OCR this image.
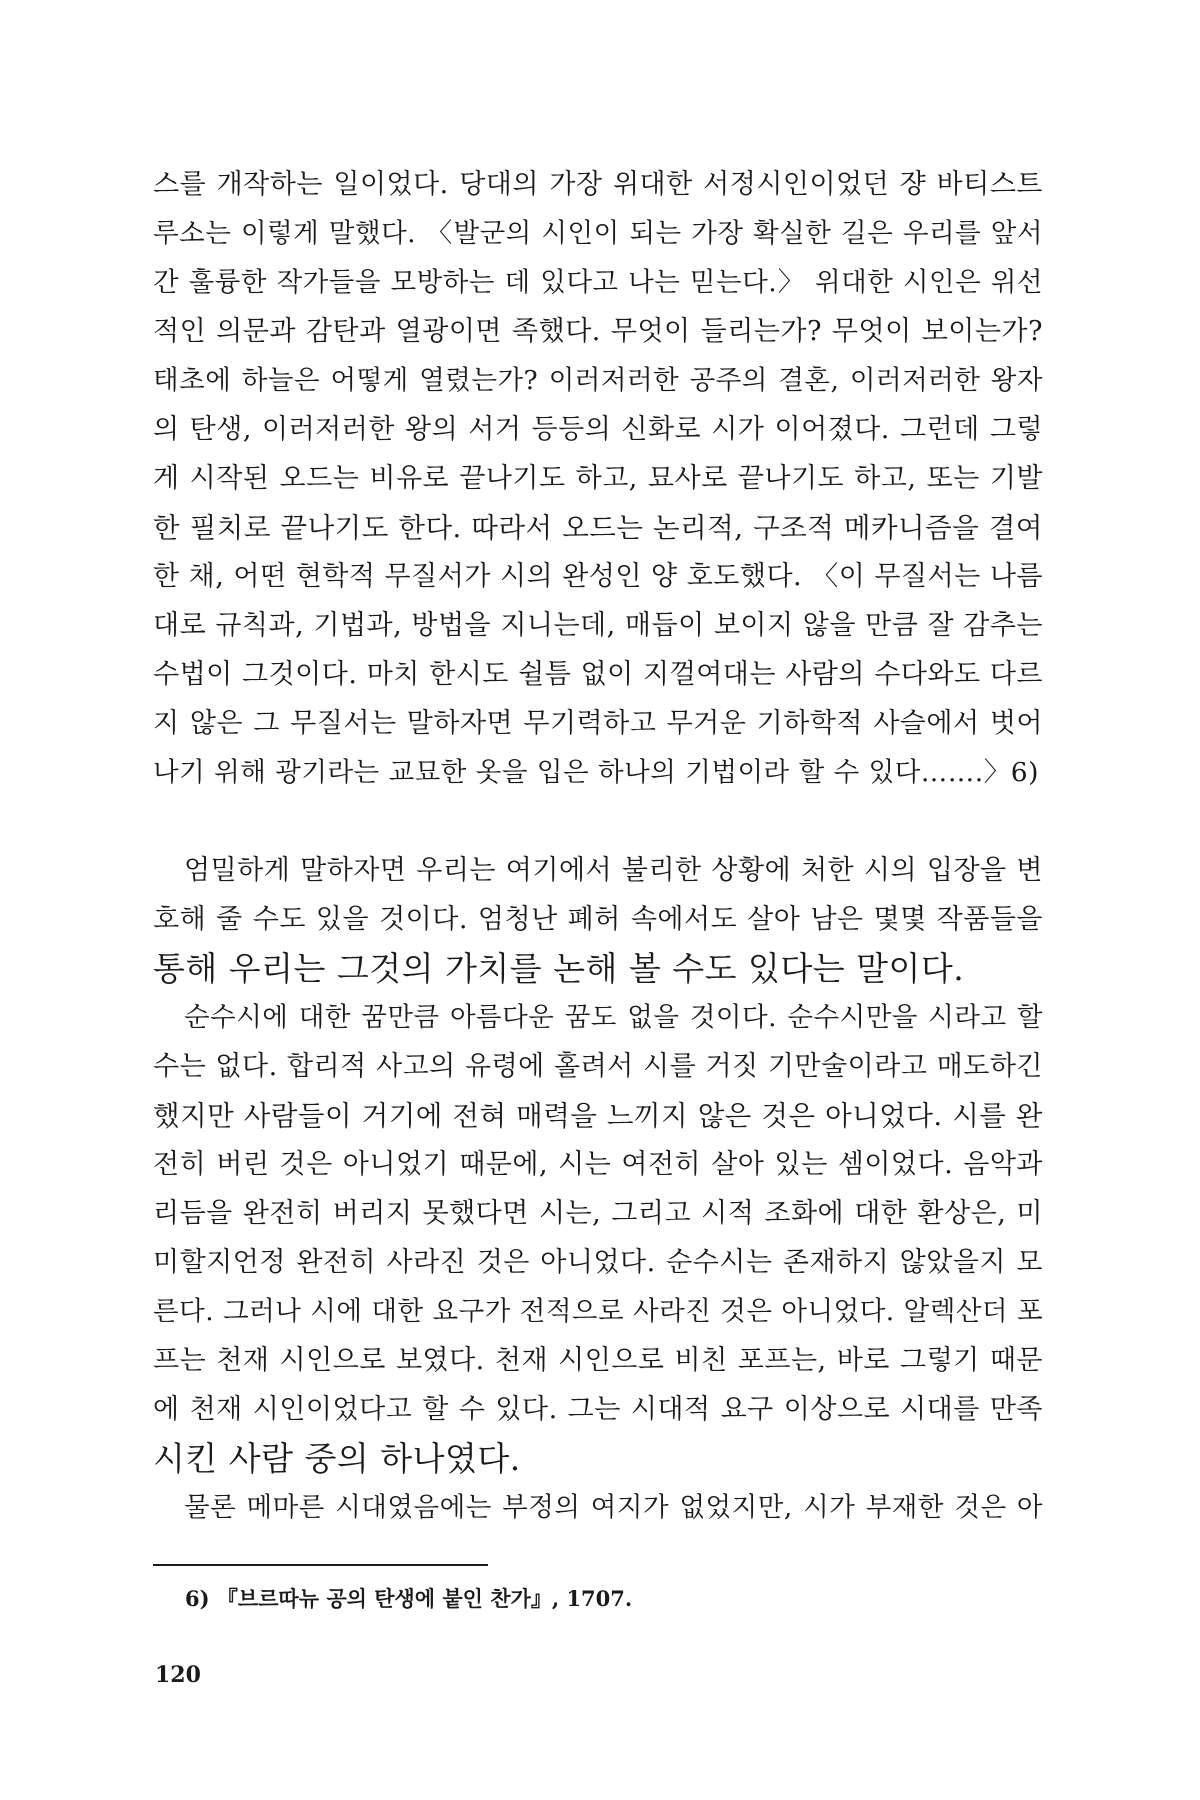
스를 개작하는 일이었다. 당대의 가장 위대한 서정시인이었던 쟝 바티스트
루소는 이렇게 말했다. 〈발군의 시인이 되는 가장 확실한 길은 우리를 앞서
간 훌륭한 작가들을 모방하는 데 있다고 나는 믿는다.〉 위대한 시인은 위선
적인 의문과 감탄과 열광이면 족했다. 무엇이 들리는가? 무엇이 보이는가?
태초에 하늘은 어떻게 열렸는가? 이러저러한 공주의 결혼, 이러저러한 왕자
의 탄생, 이러저러한 왕의 서거 등등의 신화로 시가 이어졌다. 그런데 그렇
게 시작된 오드는 비유로 끝나기도 하고, 묘사로 끝나기도 하고, 또는 기발
한 필치로 끝나기도 한다. 따라서 오드는 논리적, 구조적 메카니즘을 결여
한 채, 어떤 현학적 무질서가 시의 완성인 양 호도했다. 〈이 무질서는 나름
대로 규칙과, 기법과, 방법을 지니는데, 매듭이 보이지 않을 만큼 잘 감추는
수법이 그것이다. 마치 한시도 쉴틈 없이 지껄여대는 사람의 수다와도 다르
지 않은 그 무질서는 말하자면 무기력하고 무거운 기하학적 사슬에서 벗어
나기 위해 광기라는 교묘한 옷을 입은 하나의 기법이라 할 수 있다…….〉6)
엄밀하게 말하자면 우리는 여기에서 불리한 상황에 처한 시의 입장을 변
호해 줄 수도 있을 것이다. 엄청난 폐허 속에서도 살아 남은 몇몇 작품들을
통해 우리는 그것의 가치를 논해 볼 수도 있다는 말이다.
순수시에 대한 꿈만큼 아름다운 꿈도 없을 것이다. 순수시만을 시라고 할
수는 없다. 합리적 사고의 유령에 홀려서 시를 거짓 기만술이라고 매도하긴
했지만 사람들이 거기에 전혀 매력을 느끼지 않은 것은 아니었다. 시를 완
전히 버린 것은 아니었기 때문에, 시는 여전히 살아 있는 셈이었다. 음악과
리듬을 완전히 버리지 못했다면 시는, 그리고 시적 조화에 대한 환상은, 미
미할지언정 완전히 사라진 것은 아니었다. 순수시는 존재하지 않았을지 모
른다. 그러나 시에 대한 요구가 전적으로 사라진 것은 아니었다. 알렉산더 포
프는 천재 시인으로 보였다. 천재 시인으로 비친 포프는, 바로 그렇기 때문
에 천재 시인이었다고 할 수 있다. 그는 시대적 요구 이상으로 시대를 만족
시킨 사람 중의 하나였다.
물론 메마른 시대였음에는 부정의 여지가 없었지만, 시가 부재한 것은 아
6) 『브르따뉴 공의 탄생에 붙인 찬가』, 1707.
120
